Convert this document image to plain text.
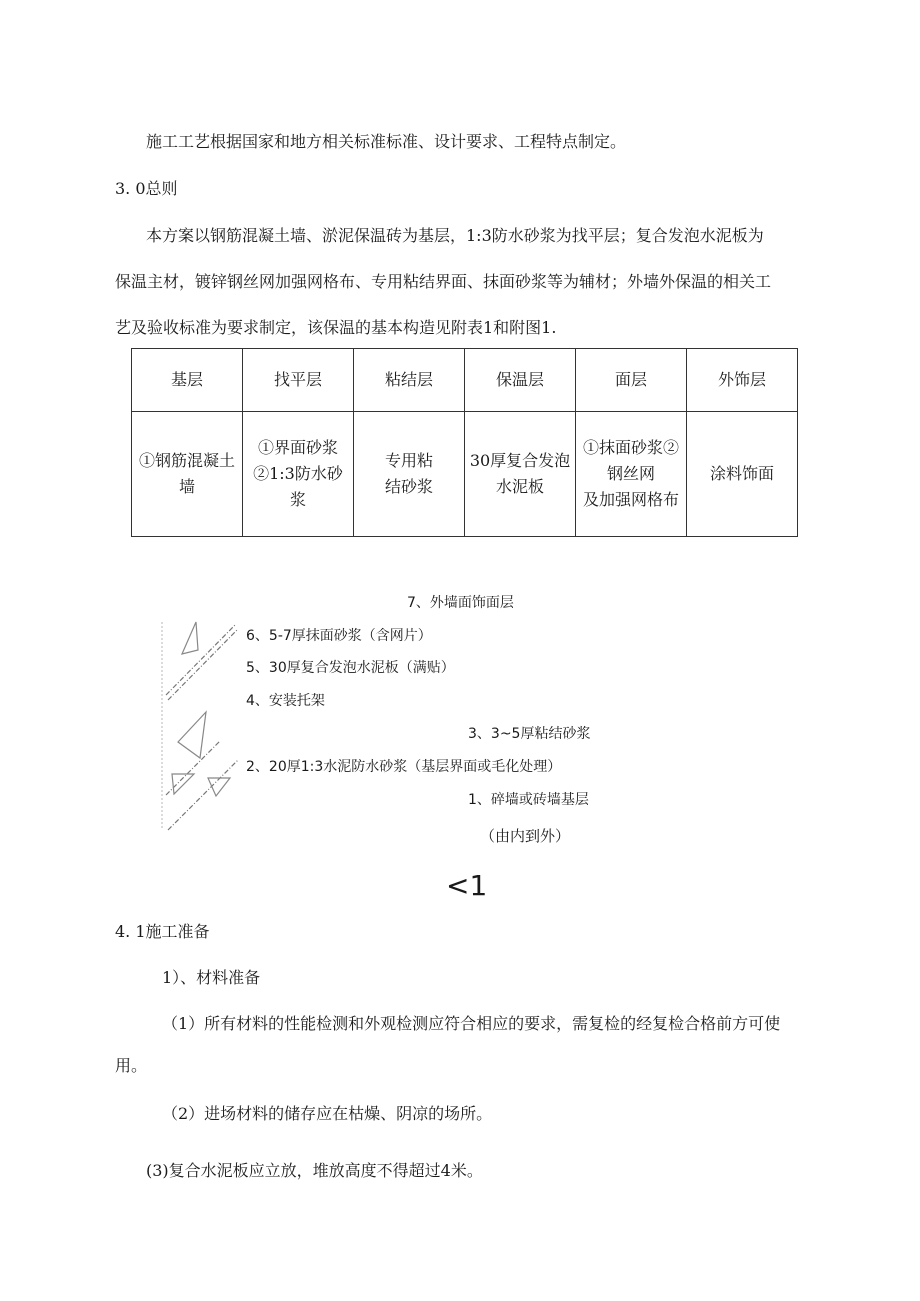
施工工艺根据国家和地方相关标准标准、设计要求、工程特点制定。
3. 0总则
本方案以钢筋混凝土墙、淤泥保温砖为基层，1:3防水砂浆为找平层；复合发泡水泥板为
保温主材，镀锌钢丝网加强网格布、专用粘结界面、抹面砂浆等为辅材；外墙外保温的相关工
艺及验收标准为要求制定，该保温的基本构造见附表1和附图1.
基层	找平层	粘结层	保温层	面层	外饰层

①钢筋混凝土
墙	①界面砂浆
②1:3防水砂
浆	专用粘
结砂浆	30厚复合发泡
水泥板	①抹面砂浆②
钢丝网
及加强网格布	涂料饰面
7、外墙面饰面层
6、5-7厚抹面砂浆（含网片）
5、30厚复合发泡水泥板（满贴）
4、安装托架
3、3~5厚粘结砂浆
2、20厚1:3水泥防水砂浆（基层界面或毛化处理）
1、碎墙或砖墙基层
（由内到外）
<1
4. 1施工准备
1）、材料准备
（1）所有材料的性能检测和外观检测应符合相应的要求，需复检的经复检合格前方可使
用。
（2）进场材料的储存应在枯燥、阴凉的场所。
(3)复合水泥板应立放，堆放高度不得超过4米。
